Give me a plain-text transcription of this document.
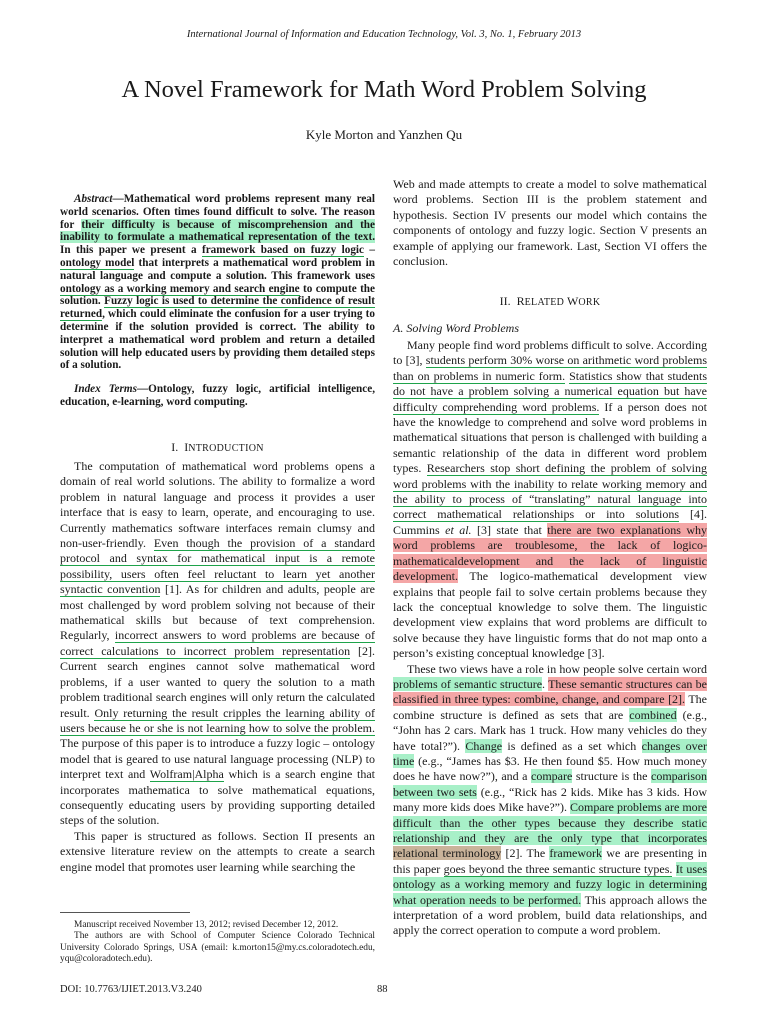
International Journal of Information and Education Technology, Vol. 3, No. 1, February 2013
A Novel Framework for Math Word Problem Solving
Kyle Morton and Yanzhen Qu

Abstract—Mathematical word problems represent many real world scenarios. Often times found difficult to solve. The reason for their difficulty is because of miscomprehension and the inability to formulate a mathematical representation of the text. In this paper we present a framework based on fuzzy logic – ontology model that interprets a mathematical word problem in natural language and compute a solution. This framework uses ontology as a working memory and search engine to compute the solution. Fuzzy logic is used to determine the confidence of result returned, which could eliminate the confusion for a user trying to determine if the solution provided is correct. The ability to interpret a mathematical word problem and return a detailed solution will help educated users by providing them detailed steps of a solution.

Index Terms—Ontology, fuzzy logic, artificial intelligence, education, e-learning, word computing.

I. INTRODUCTION

The computation of mathematical word problems opens a domain of real world solutions. The ability to formalize a word problem in natural language and process it provides a user interface that is easy to learn, operate, and encouraging to use. Currently mathematics software interfaces remain clumsy and non-user-friendly. Even though the provision of a standard protocol and syntax for mathematical input is a remote possibility, users often feel reluctant to learn yet another syntactic convention [1]. As for children and adults, people are most challenged by word problem solving not because of their mathematical skills but because of text comprehension. Regularly, incorrect answers to word problems are because of correct calculations to incorrect problem representation [2]. Current search engines cannot solve mathematical word problems, if a user wanted to query the solution to a math problem traditional search engines will only return the calculated result. Only returning the result cripples the learning ability of users because he or she is not learning how to solve the problem. The purpose of this paper is to introduce a fuzzy logic – ontology model that is geared to use natural language processing (NLP) to interpret text and Wolfram|Alpha which is a search engine that incorporates mathematica to solve mathematical equations, consequently educating users by providing supporting detailed steps of the solution.

This paper is structured as follows. Section II presents an extensive literature review on the attempts to create a search engine model that promotes user learning while searching the

Manuscript received November 13, 2012; revised December 12, 2012.

The authors are with School of Computer Science Colorado Technical University Colorado Springs, USA (email: k.morton15@my.cs.coloradotech.edu, yqu@coloradotech.edu).

Web and made attempts to create a model to solve mathematical word problems. Section III is the problem statement and hypothesis. Section IV presents our model which contains the components of ontology and fuzzy logic. Section V presents an example of applying our framework. Last, Section VI offers the conclusion.

II. RELATED WORK
A. Solving Word Problems

Many people find word problems difficult to solve. According to [3], students perform 30% worse on arithmetic word problems than on problems in numeric form. Statistics show that students do not have a problem solving a numerical equation but have difficulty comprehending word problems. If a person does not have the knowledge to comprehend and solve word problems in mathematical situations that person is challenged with building a semantic relationship of the data in different word problem types. Researchers stop short defining the problem of solving word problems with the inability to relate working memory and the ability to process of “translating” natural language into correct mathematical relationships or into solutions [4]. Cummins et al. [3] state that there are two explanations why word problems are troublesome, the lack of logico-mathematicaldevelopment and the lack of linguistic development. The logico-mathematical development view explains that people fail to solve certain problems because they lack the conceptual knowledge to solve them. The linguistic development view explains that word problems are difficult to solve because they have linguistic forms that do not map onto a person’s existing conceptual knowledge [3].

These two views have a role in how people solve certain word problems of semantic structure. These semantic structures can be classified in three types: combine, change, and compare [2]. The combine structure is defined as sets that are combined (e.g., “John has 2 cars. Mark has 1 truck. How many vehicles do they have total?”). Change is defined as a set which changes over time (e.g., “James has $3. He then found $5. How much money does he have now?”), and a compare structure is the comparison between two sets (e.g., “Rick has 2 kids. Mike has 3 kids. How many more kids does Mike have?”). Compare problems are more difficult than the other types because they describe static relationship and they are the only type that incorporates relational terminology [2]. The framework we are presenting in this paper goes beyond the three semantic structure types. It uses ontology as a working memory and fuzzy logic in determining what operation needs to be performed. This approach allows the interpretation of a word problem, build data relationships, and apply the correct operation to compute a word problem.

DOI: 10.7763/IJIET.2013.V3.240	88
